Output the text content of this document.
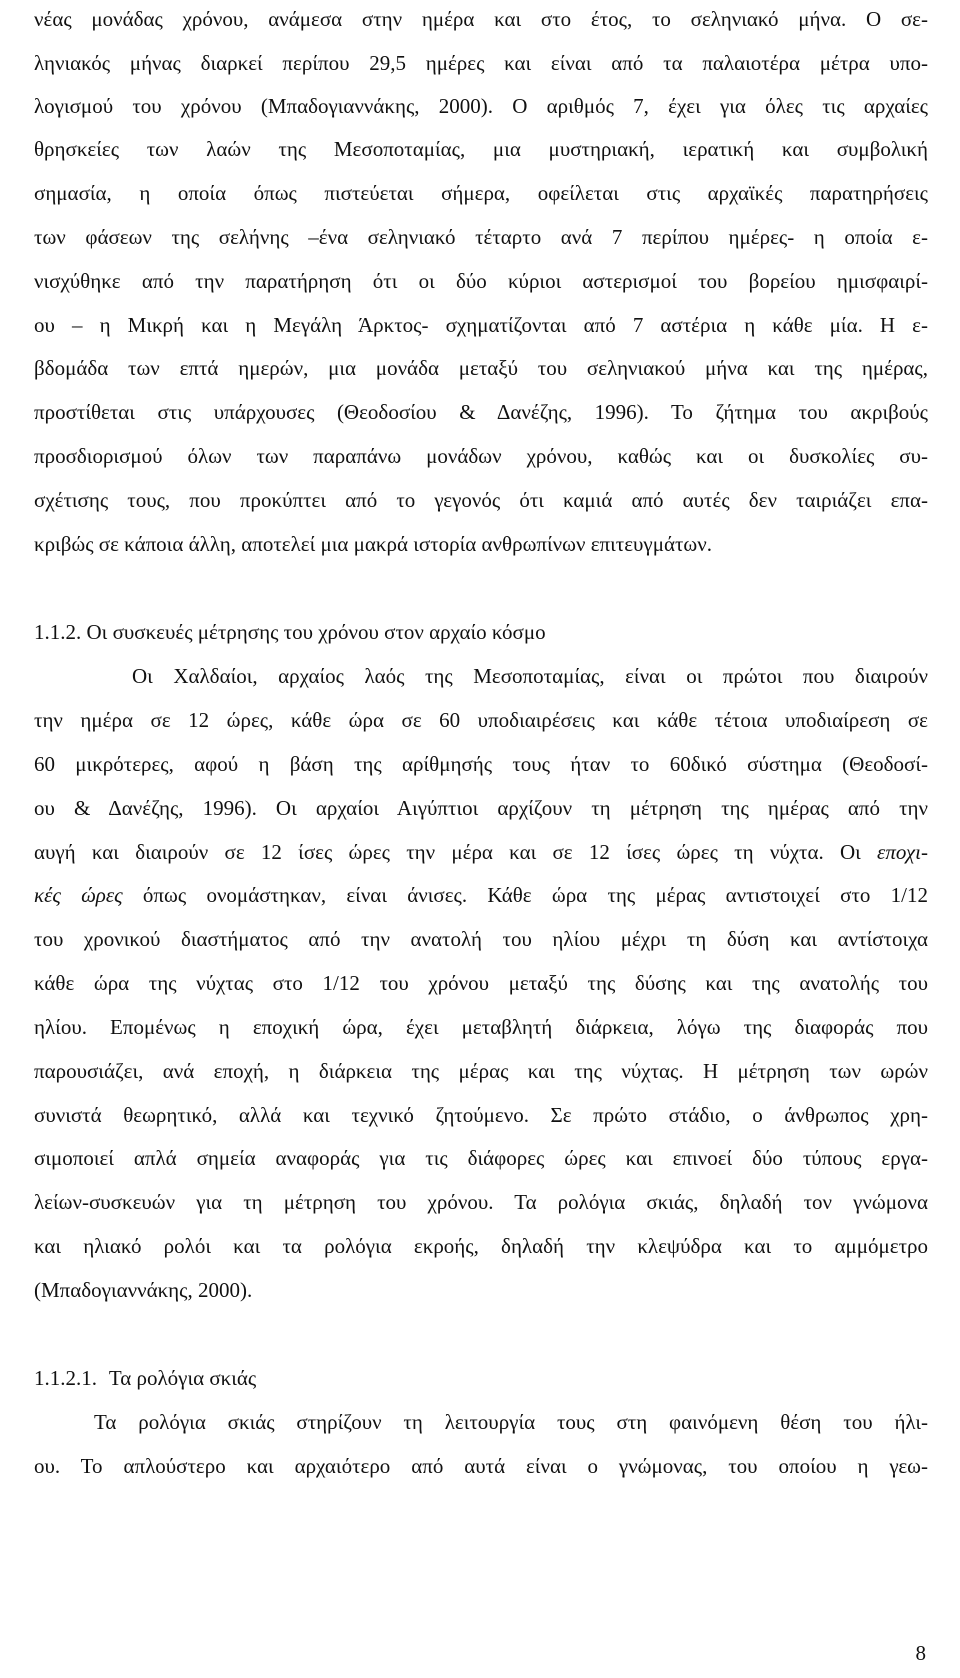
νέας μονάδας χρόνου, ανάμεσα στην ημέρα και στο έτος, το σεληνιακό μήνα. Ο σε-
ληνιακός μήνας διαρκεί περίπου 29,5 ημέρες και είναι από τα παλαιοτέρα μέτρα υπο-
λογισμού του χρόνου (Μπαδογιαννάκης, 2000). Ο αριθμός 7, έχει για όλες τις αρχαίες
θρησκείες των λαών της Μεσοποταμίας, μια μυστηριακή, ιερατική και συμβολική
σημασία, η οποία όπως πιστεύεται σήμερα, οφείλεται στις αρχαϊκές παρατηρήσεις
των φάσεων της σελήνης –ένα σεληνιακό τέταρτο ανά 7 περίπου ημέρες- η οποία ε-
νισχύθηκε από την παρατήρηση ότι οι δύο κύριοι αστερισμοί του βορείου ημισφαιρί-
ου – η Μικρή και η Μεγάλη Άρκτος- σχηματίζονται από 7 αστέρια η κάθε μία. Η ε-
βδομάδα των επτά ημερών, μια μονάδα μεταξύ του σεληνιακού μήνα και της ημέρας,
προστίθεται στις υπάρχουσες (Θεοδοσίου & Δανέζης, 1996). Το ζήτημα του ακριβούς
προσδιορισμού όλων των παραπάνω μονάδων χρόνου, καθώς και οι δυσκολίες συ-
σχέτισης τους, που προκύπτει από το γεγονός ότι καμιά από αυτές δεν ταιριάζει επα-
κριβώς σε κάποια άλλη, αποτελεί μια μακρά ιστορία ανθρωπίνων επιτευγμάτων.
1.1.2. Οι συσκευές μέτρησης του χρόνου στον αρχαίο κόσμο
Οι Χαλδαίοι, αρχαίος λαός της Μεσοποταμίας, είναι οι πρώτοι που διαιρούν
την ημέρα σε 12 ώρες, κάθε ώρα σε 60 υποδιαιρέσεις και κάθε τέτοια υποδιαίρεση σε
60 μικρότερες, αφού η βάση της αρίθμησής τους ήταν το 60δικό σύστημα (Θεοδοσί-
ου & Δανέζης, 1996). Οι αρχαίοι Αιγύπτιοι αρχίζουν τη μέτρηση της ημέρας από την
αυγή και διαιρούν σε 12 ίσες ώρες την μέρα και σε 12 ίσες ώρες τη νύχτα. Οι εποχι-
κές ώρες όπως ονομάστηκαν, είναι άνισες. Κάθε ώρα της μέρας αντιστοιχεί στο 1/12
του χρονικού διαστήματος από την ανατολή του ηλίου μέχρι τη δύση και αντίστοιχα
κάθε ώρα της νύχτας στο 1/12 του χρόνου μεταξύ της δύσης και της ανατολής του
ηλίου. Επομένως η εποχική ώρα, έχει μεταβλητή διάρκεια, λόγω της διαφοράς που
παρουσιάζει, ανά εποχή, η διάρκεια της μέρας και της νύχτας. Η μέτρηση των ωρών
συνιστά θεωρητικό, αλλά και τεχνικό ζητούμενο. Σε πρώτο στάδιο, ο άνθρωπος χρη-
σιμοποιεί απλά σημεία αναφοράς για τις διάφορες ώρες και επινοεί δύο τύπους εργα-
λείων-συσκευών για τη μέτρηση του χρόνου. Τα ρολόγια σκιάς, δηλαδή τον γνώμονα
και ηλιακό ρολόι και τα ρολόγια εκροής, δηλαδή την κλεψύδρα και το αμμόμετρο
(Μπαδογιαννάκης, 2000).
1.1.2.1. Τα ρολόγια σκιάς
Τα ρολόγια σκιάς στηρίζουν τη λειτουργία τους στη φαινόμενη θέση του ήλι-
ου. Το απλούστερο και αρχαιότερο από αυτά είναι ο γνώμονας, του οποίου η γεω-
8
